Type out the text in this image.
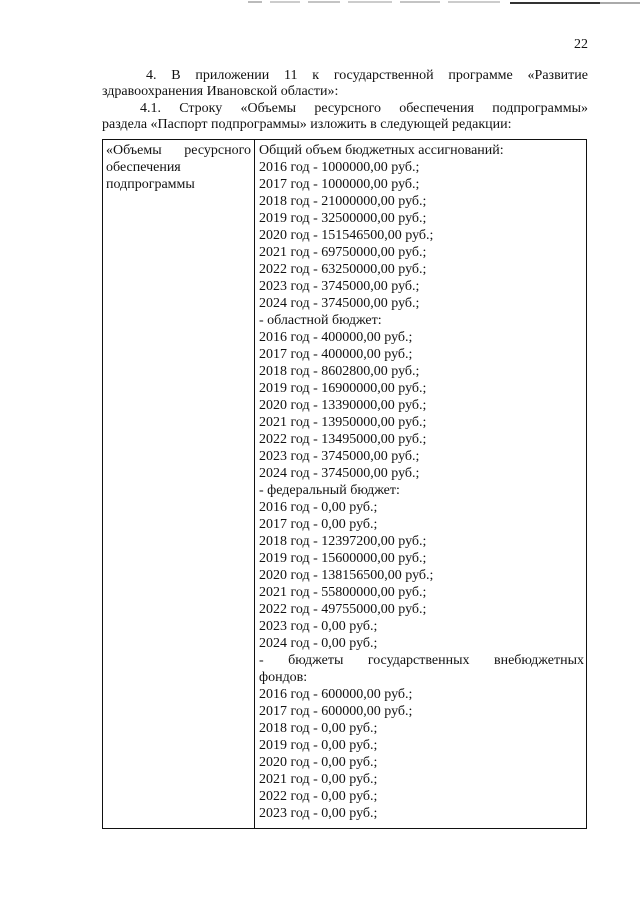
22
4. В приложении 11 к государственной программе «Развитие
здравоохранения Ивановской области»:
4.1. Строку «Объемы ресурсного обеспечения подпрограммы»
раздела «Паспорт подпрограммы» изложить в следующей редакции:
«Объемы ресурсного
обеспечения
подпрограммы
Общий объем бюджетных ассигнований:
2016 год - 1000000,00 руб.;
2017 год - 1000000,00 руб.;
2018 год - 21000000,00 руб.;
2019 год - 32500000,00 руб.;
2020 год - 151546500,00 руб.;
2021 год - 69750000,00 руб.;
2022 год - 63250000,00 руб.;
2023 год - 3745000,00 руб.;
2024 год - 3745000,00 руб.;
- областной бюджет:
2016 год - 400000,00 руб.;
2017 год - 400000,00 руб.;
2018 год - 8602800,00 руб.;
2019 год - 16900000,00 руб.;
2020 год - 13390000,00 руб.;
2021 год - 13950000,00 руб.;
2022 год - 13495000,00 руб.;
2023 год - 3745000,00 руб.;
2024 год - 3745000,00 руб.;
- федеральный бюджет:
2016 год - 0,00 руб.;
2017 год - 0,00 руб.;
2018 год - 12397200,00 руб.;
2019 год - 15600000,00 руб.;
2020 год - 138156500,00 руб.;
2021 год - 55800000,00 руб.;
2022 год - 49755000,00 руб.;
2023 год - 0,00 руб.;
2024 год - 0,00 руб.;
- бюджеты государственных внебюджетных
фондов:
2016 год - 600000,00 руб.;
2017 год - 600000,00 руб.;
2018 год - 0,00 руб.;
2019 год - 0,00 руб.;
2020 год - 0,00 руб.;
2021 год - 0,00 руб.;
2022 год - 0,00 руб.;
2023 год - 0,00 руб.;
